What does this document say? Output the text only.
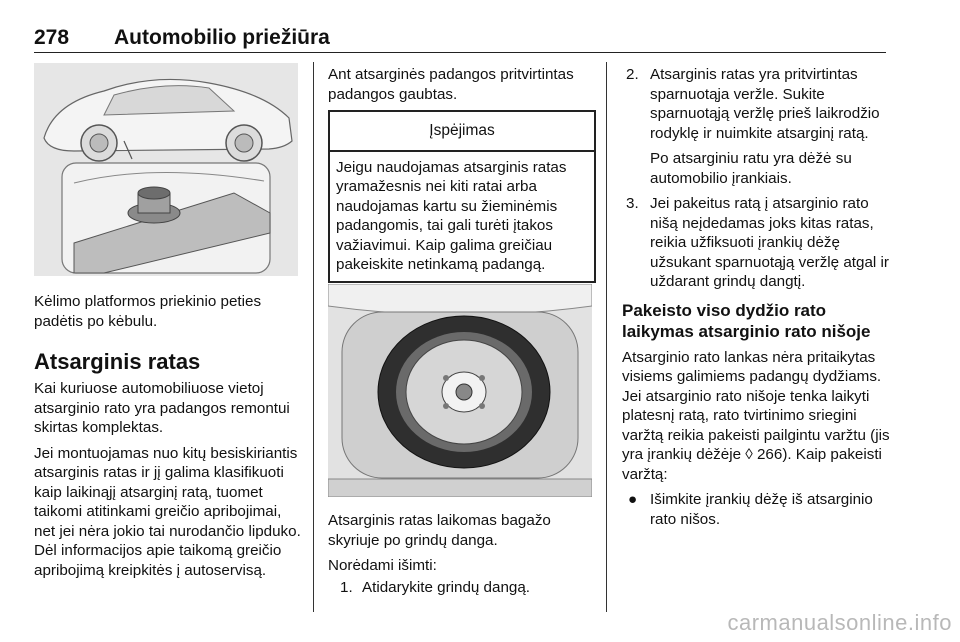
278 Automobilio priežiūra

Kėlimo platformos priekinio peties padėtis po kėbulu.

Atsarginis ratas

Kai kuriuose automobiliuose vietoj atsarginio rato yra padangos remontui skirtas komplektas.

Jei montuojamas nuo kitų besiskiriantis atsarginis ratas ir jį galima klasifikuoti kaip laikinąjį atsarginį ratą, tuomet taikomi atitinkami greičio apribojimai, net jei nėra jokio tai nurodančio lipduko. Dėl informacijos apie taikomą greičio apribojimą kreipkitės į autoservisą.

Ant atsarginės padangos pritvirtintas padangos gaubtas.

Įspėjimas
Jeigu naudojamas atsarginis ratas yramažesnis nei kiti ratai arba naudojamas kartu su žieminėmis padangomis, tai gali turėti įtakos važiavimui. Kaip galima greičiau pakeiskite netinkamą padangą.

Atsarginis ratas laikomas bagažo skyriuje po grindų danga.

Norėdami išimti:

1. Atidarykite grindų dangą.
2. Atsarginis ratas yra pritvirtintas sparnuotąja veržle. Sukite sparnuotąją veržlę prieš laikrodžio rodyklę ir nuimkite atsarginį ratą.

Po atsarginiu ratu yra dėžė su automobilio įrankiais.

3. Jei pakeitus ratą į atsarginio rato nišą neįdedamas joks kitas ratas, reikia užfiksuoti įrankių dėžę užsukant sparnuotąją veržlę atgal ir uždarant grindų dangtį.
Pakeisto viso dydžio rato laikymas atsarginio rato nišoje

Atsarginio rato lankas nėra pritaikytas visiems galimiems padangų dydžiams. Jei atsarginio rato nišoje tenka laikyti platesnį ratą, rato tvirtinimo sriegini varžtą reikia pakeisti pailgintu varžtu (jis yra įrankių dėžėje ◊ 266). Kaip pakeisti varžtą:

● Išimkite įrankių dėžę iš atsarginio rato nišos.
carmanualsonline.info
